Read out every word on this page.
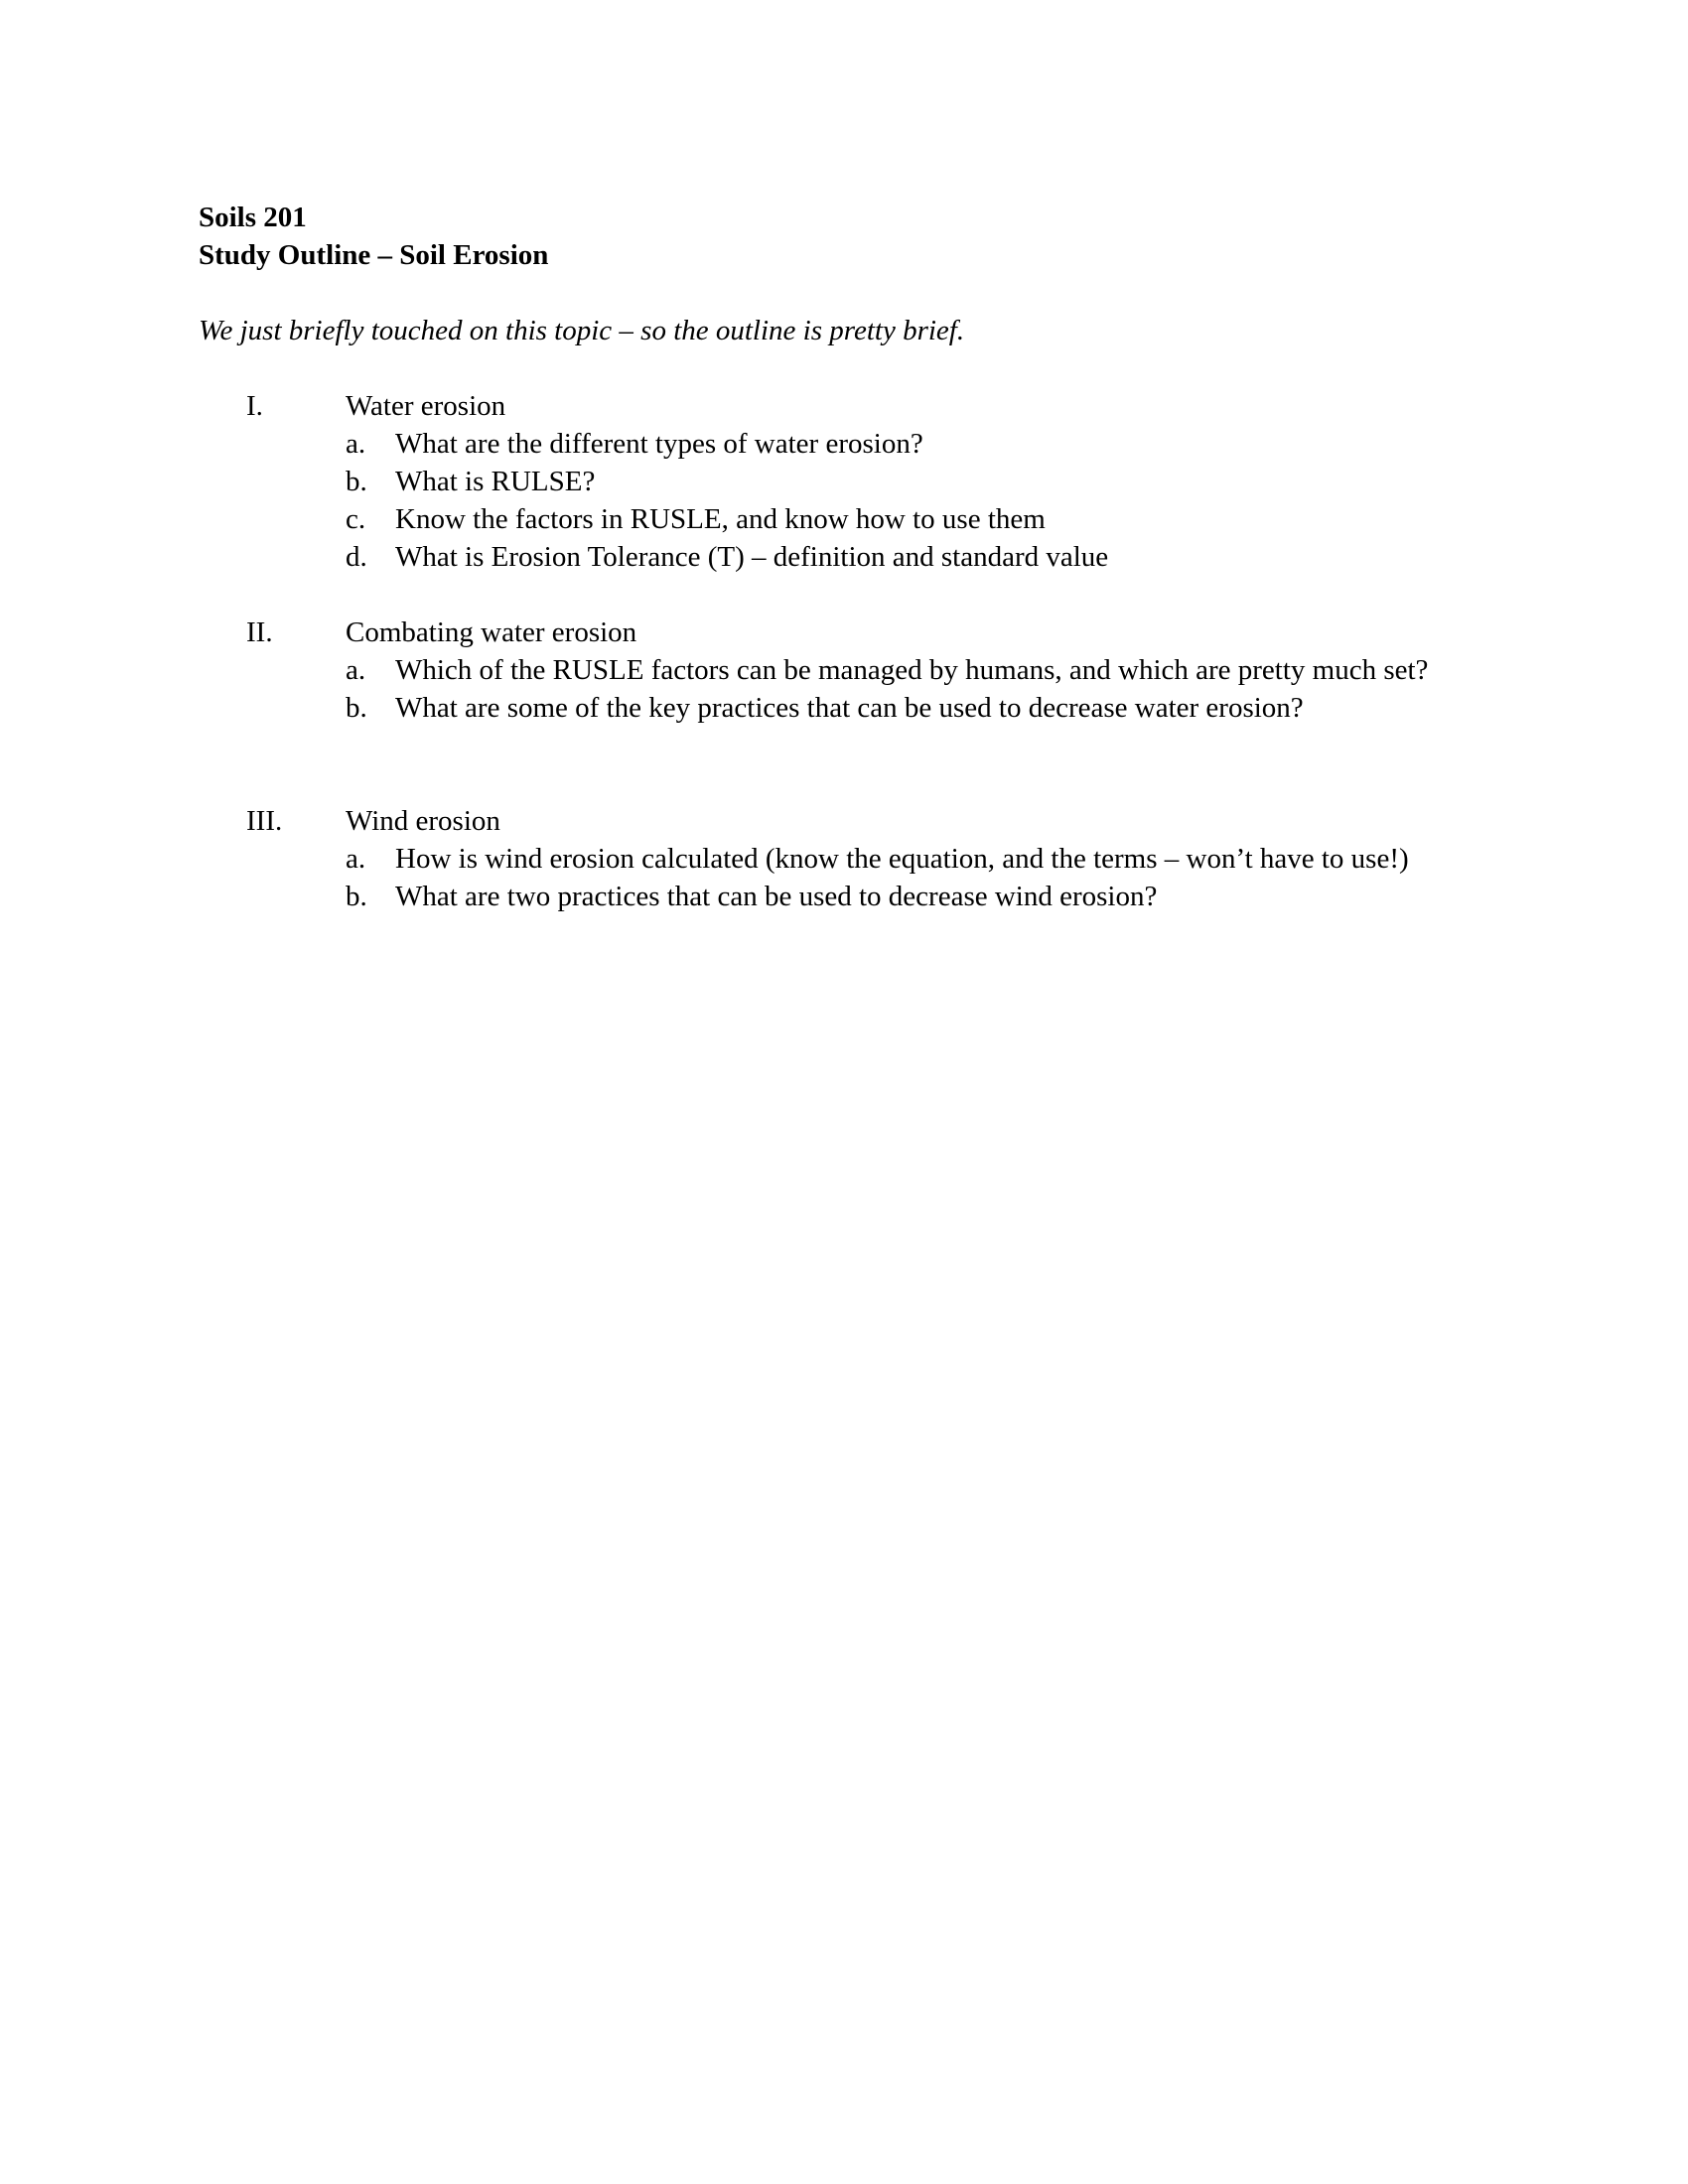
Soils 201
Study Outline – Soil Erosion
We just briefly touched on this topic – so the outline is pretty brief.
I.	Water erosion
a. What are the different types of water erosion?
b. What is RULSE?
c. Know the factors in RUSLE, and know how to use them
d. What is Erosion Tolerance (T) – definition and standard value
II.	Combating water erosion
a. Which of the RUSLE factors can be managed by humans, and which are pretty much set?
b. What are some of the key practices that can be used to decrease water erosion?
III. Wind erosion
a. How is wind erosion calculated (know the equation, and the terms – won’t have to use!)
b. What are two practices that can be used to decrease wind erosion?
